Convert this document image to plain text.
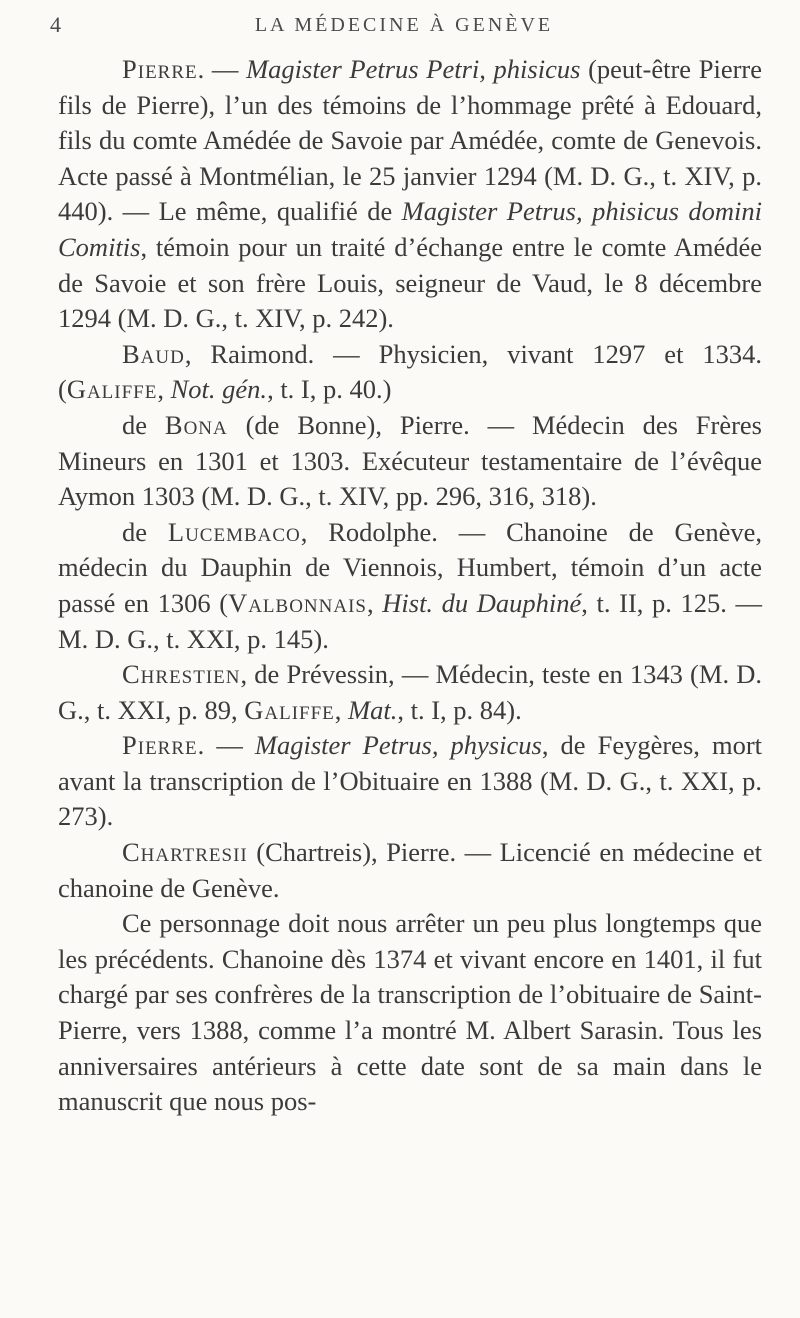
4	LA MÉDECINE À GENÈVE

Pierre. — Magister Petrus Petri, phisicus (peut-être Pierre fils de Pierre), l’un des témoins de l’hommage prêté à Edouard, fils du comte Amédée de Savoie par Amédée, comte de Genevois. Acte passé à Montmélian, le 25 janvier 1294 (M. D. G., t. XIV, p. 440). — Le même, qualifié de Magister Petrus, phisicus domini Comitis, témoin pour un traité d’échange entre le comte Amédée de Savoie et son frère Louis, seigneur de Vaud, le 8 décembre 1294 (M. D. G., t. XIV, p. 242).

Baud, Raimond. — Physicien, vivant 1297 et 1334. (Galiffe, Not. gén., t. I, p. 40.)

de Bona (de Bonne), Pierre. — Médecin des Frères Mineurs en 1301 et 1303. Exécuteur testamentaire de l’évêque Aymon 1303 (M. D. G., t. XIV, pp. 296, 316, 318).

de Lucembaco, Rodolphe. — Chanoine de Genève, médecin du Dauphin de Viennois, Humbert, témoin d’un acte passé en 1306 (Valbonnais, Hist. du Dauphiné, t. II, p. 125. — M. D. G., t. XXI, p. 145).

Chrestien, de Prévessin, — Médecin, teste en 1343 (M. D. G., t. XXI, p. 89, Galiffe, Mat., t. I, p. 84).

Pierre. — Magister Petrus, physicus, de Feygères, mort avant la transcription de l’Obituaire en 1388 (M. D. G., t. XXI, p. 273).

Chartresii (Chartreis), Pierre. — Licencié en médecine et chanoine de Genève.

Ce personnage doit nous arrêter un peu plus longtemps que les précédents. Chanoine dès 1374 et vivant encore en 1401, il fut chargé par ses confrères de la transcription de l’obituaire de Saint-Pierre, vers 1388, comme l’a montré M. Albert Sarasin. Tous les anniversaires antérieurs à cette date sont de sa main dans le manuscrit que nous pos-
